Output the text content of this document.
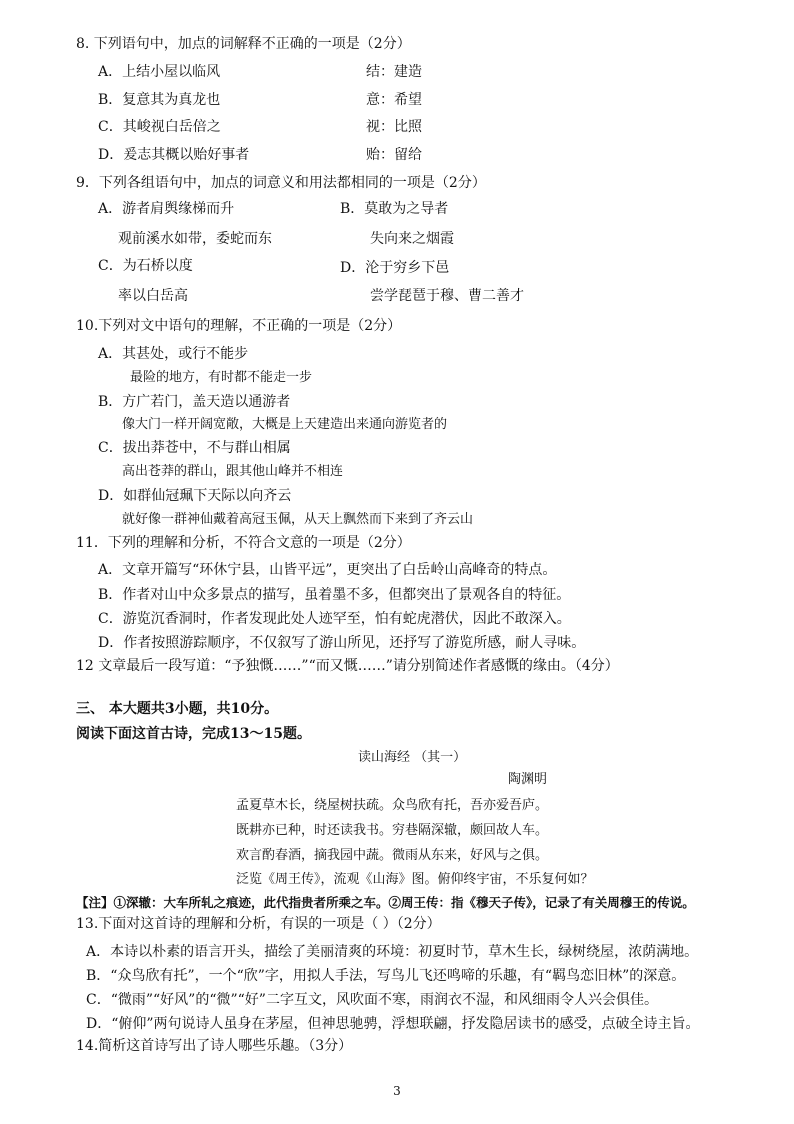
8. 下列语句中，加点的词解释不正确的一项是（2分）
A．上结小屋以临风	结：建造
B．复意其为真龙也	意：希望
C．其峻视白岳倍之	视：比照
D．爰志其概以贻好事者	贻：留给
9．下列各组语句中，加点的词意义和用法都相同的一项是（2分）
A．游者肩舆缘梯而升	B．莫敢为之导者
观前溪水如带，委蛇而东	失向来之烟霞
C．为石桥以度	D．沦于穷乡下邑
率以白岳高	尝学琵琶于穆、曹二善才
10.下列对文中语句的理解，不正确的一项是（2分）
A．其甚处，或行不能步
最险的地方，有时都不能走一步
B．方广若门，盖天造以通游者
像大门一样开阔宽敞，大概是上天建造出来通向游览者的
C．拔出莽苍中，不与群山相属
高出苍莽的群山，跟其他山峰并不相连
D．如群仙冠珮下天际以向齐云
就好像一群神仙戴着高冠玉佩，从天上飘然而下来到了齐云山
11．下列的理解和分析，不符合文意的一项是（2分）
A．文章开篇写“环休宁县，山皆平远”，更突出了白岳岭山高峰奇的特点。
B．作者对山中众多景点的描写，虽着墨不多，但都突出了景观各自的特征。
C．游览沉香洞时，作者发现此处人迹罕至，怕有蛇虎潜伏，因此不敢深入。
D．作者按照游踪顺序，不仅叙写了游山所见，还抒写了游览所感，耐人寻味。
12 文章最后一段写道：“予独慨……”“而又慨……”请分别简述作者感慨的缘由。（4分）
三、 本大题共3小题，共10分。
阅读下面这首古诗，完成13～15题。
读山海经 （其一）
陶渊明
孟夏草木长，绕屋树扶疏。众鸟欣有托，吾亦爱吾庐。
既耕亦已种，时还读我书。穷巷隔深辙，颇回故人车。
欢言酌春酒，摘我园中蔬。微雨从东来，好风与之俱。
泛览《周王传》，流观《山海》图。俯仰终宇宙，不乐复何如？
【注】①深辙：大车所轧之痕迹，此代指贵者所乘之车。②周王传：指《穆天子传》，记录了有关周穆王的传说。
13.下面对这首诗的理解和分析，有误的一项是（ ）（2分）
A．本诗以朴素的语言开头，描绘了美丽清爽的环境：初夏时节，草木生长，绿树绕屋，浓荫满地。
B．“众鸟欣有托”，一个“欣”字，用拟人手法，写鸟儿飞还鸣啼的乐趣，有“羁鸟恋旧林”的深意。
C．“微雨”“好风”的“微”“好”二字互文，风吹面不寒，雨润衣不湿，和风细雨令人兴会俱佳。
D．“俯仰”两句说诗人虽身在茅屋，但神思驰骋，浮想联翩，抒发隐居读书的感受，点破全诗主旨。
14.简析这首诗写出了诗人哪些乐趣。（3分）
3
